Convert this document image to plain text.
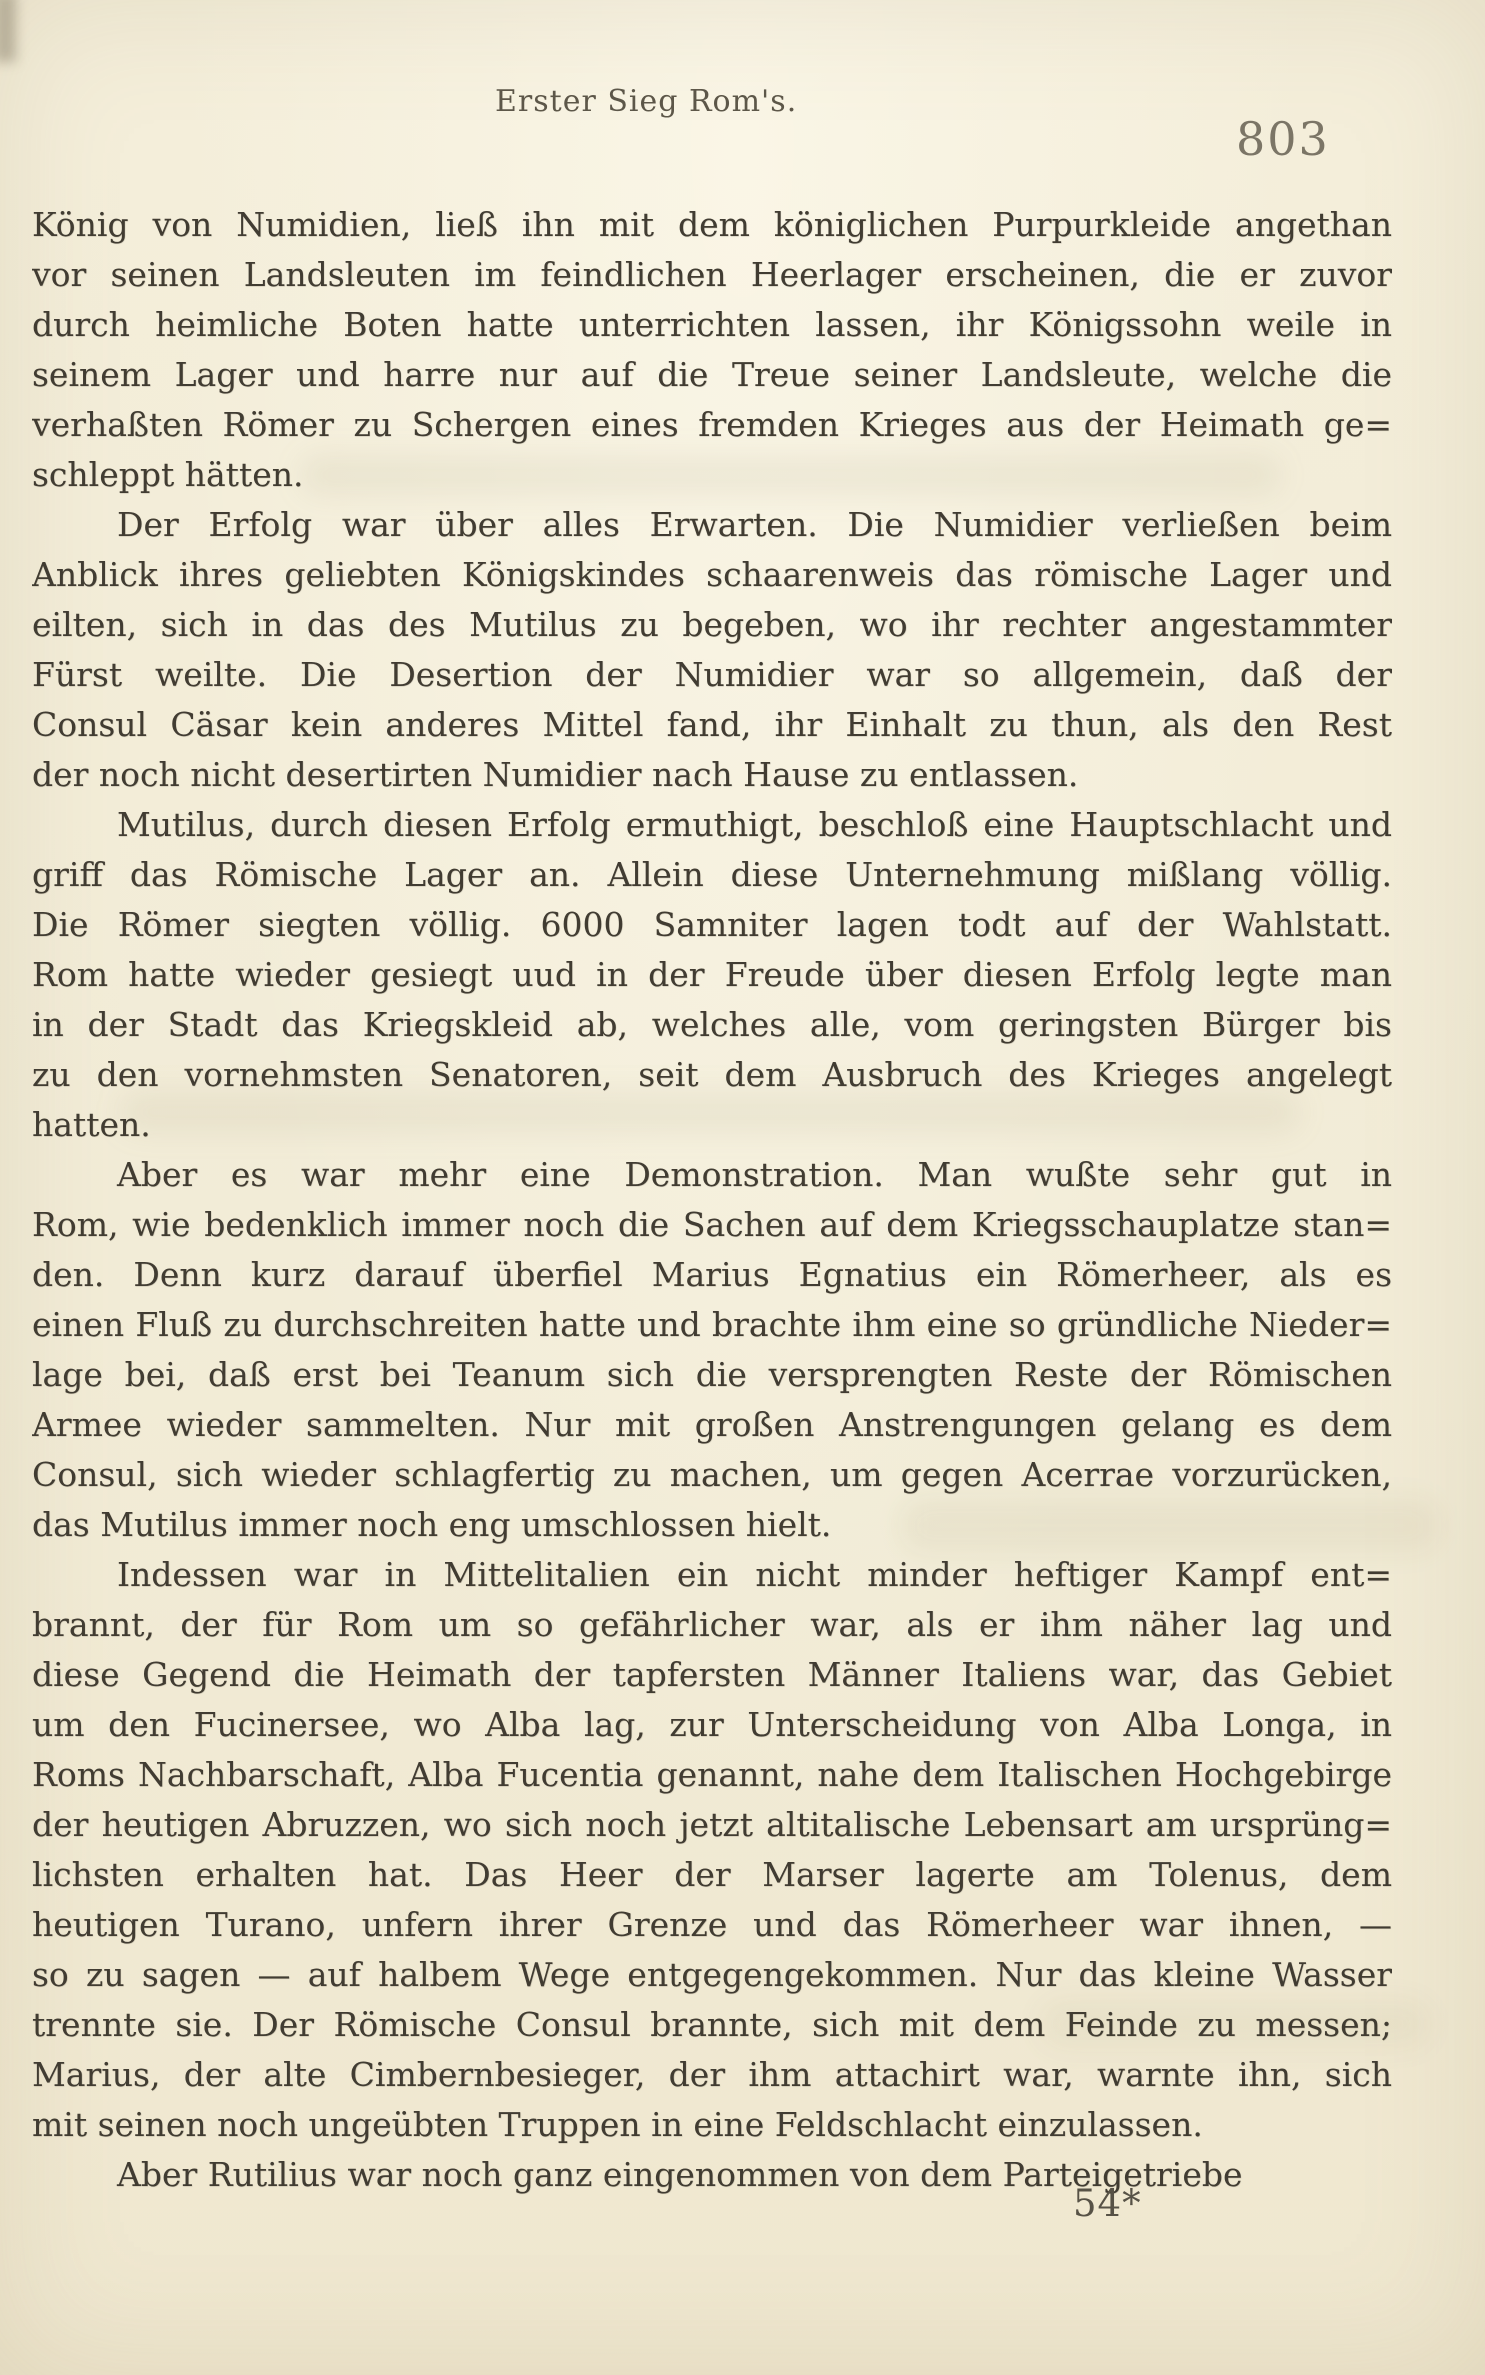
Erster Sieg Rom's.
803
König von Numidien, ließ ihn mit dem königlichen Purpurkleide angethan
vor seinen Landsleuten im feindlichen Heerlager erscheinen, die er zuvor
durch heimliche Boten hatte unterrichten lassen, ihr Königssohn weile in
seinem Lager und harre nur auf die Treue seiner Landsleute, welche die
verhaßten Römer zu Schergen eines fremden Krieges aus der Heimath ge=
schleppt hätten.
Der Erfolg war über alles Erwarten. Die Numidier verließen beim
Anblick ihres geliebten Königskindes schaarenweis das römische Lager und
eilten, sich in das des Mutilus zu begeben, wo ihr rechter angestammter
Fürst weilte. Die Desertion der Numidier war so allgemein, daß der
Consul Cäsar kein anderes Mittel fand, ihr Einhalt zu thun, als den Rest
der noch nicht desertirten Numidier nach Hause zu entlassen.
Mutilus, durch diesen Erfolg ermuthigt, beschloß eine Hauptschlacht und
griff das Römische Lager an. Allein diese Unternehmung mißlang völlig.
Die Römer siegten völlig. 6000 Samniter lagen todt auf der Wahlstatt.
Rom hatte wieder gesiegt uud in der Freude über diesen Erfolg legte man
in der Stadt das Kriegskleid ab, welches alle, vom geringsten Bürger bis
zu den vornehmsten Senatoren, seit dem Ausbruch des Krieges angelegt
hatten.
Aber es war mehr eine Demonstration. Man wußte sehr gut in
Rom, wie bedenklich immer noch die Sachen auf dem Kriegsschauplatze stan=
den. Denn kurz darauf überfiel Marius Egnatius ein Römerheer, als es
einen Fluß zu durchschreiten hatte und brachte ihm eine so gründliche Nieder=
lage bei, daß erst bei Teanum sich die versprengten Reste der Römischen
Armee wieder sammelten. Nur mit großen Anstrengungen gelang es dem
Consul, sich wieder schlagfertig zu machen, um gegen Acerrae vorzurücken,
das Mutilus immer noch eng umschlossen hielt.
Indessen war in Mittelitalien ein nicht minder heftiger Kampf ent=
brannt, der für Rom um so gefährlicher war, als er ihm näher lag und
diese Gegend die Heimath der tapfersten Männer Italiens war, das Gebiet
um den Fucinersee, wo Alba lag, zur Unterscheidung von Alba Longa, in
Roms Nachbarschaft, Alba Fucentia genannt, nahe dem Italischen Hochgebirge
der heutigen Abruzzen, wo sich noch jetzt altitalische Lebensart am ursprüng=
lichsten erhalten hat. Das Heer der Marser lagerte am Tolenus, dem
heutigen Turano, unfern ihrer Grenze und das Römerheer war ihnen, —
so zu sagen — auf halbem Wege entgegengekommen. Nur das kleine Wasser
trennte sie. Der Römische Consul brannte, sich mit dem Feinde zu messen;
Marius, der alte Cimbernbesieger, der ihm attachirt war, warnte ihn, sich
mit seinen noch ungeübten Truppen in eine Feldschlacht einzulassen.
Aber Rutilius war noch ganz eingenommen von dem Parteigetriebe
54*
